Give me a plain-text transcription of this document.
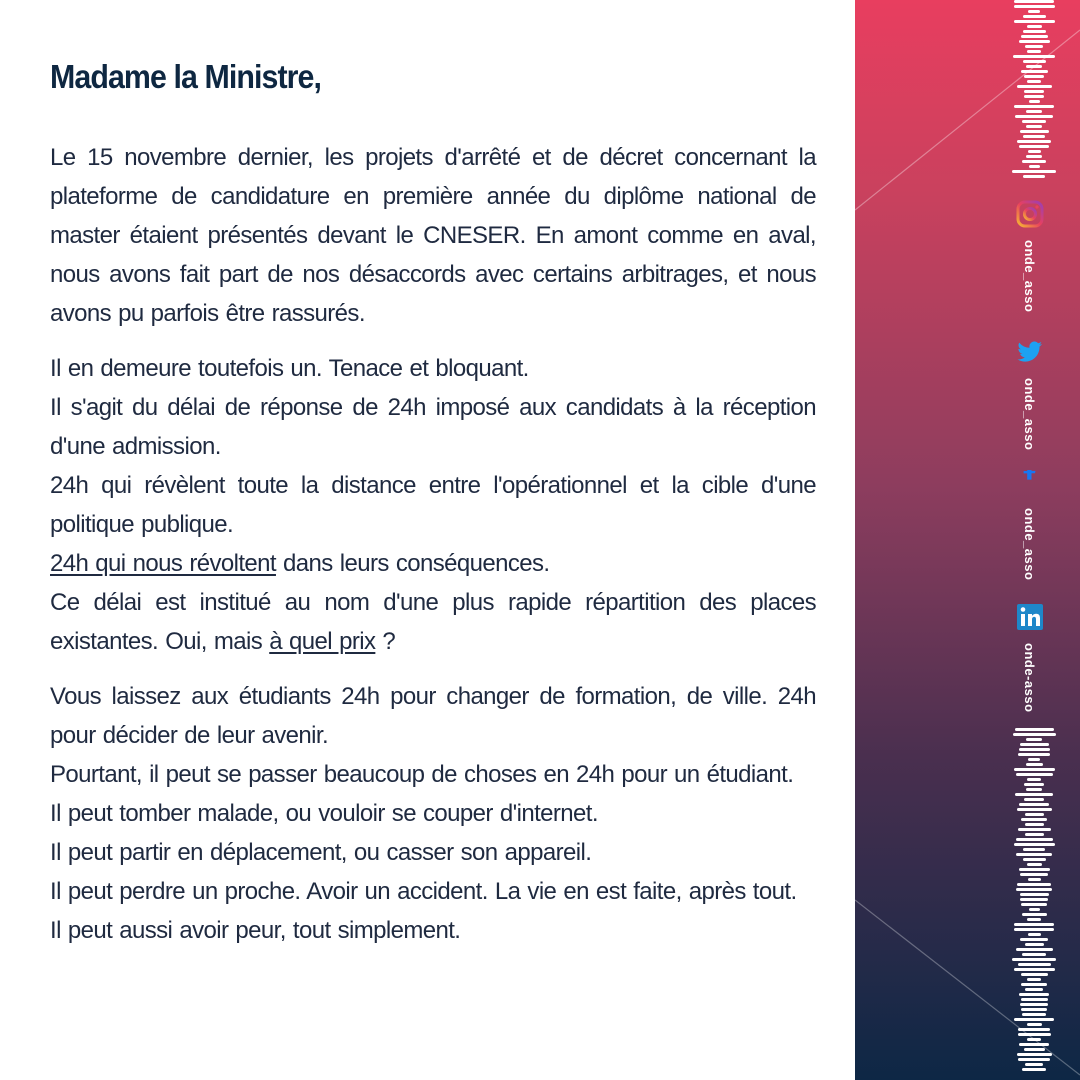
Madame la Ministre,

Le 15 novembre dernier, les projets d'arrêté et de décret concernant la plateforme de candidature en première année du diplôme national de master étaient présentés devant le CNESER. En amont comme en aval, nous avons fait part de nos désaccords avec certains arbitrages, et nous avons pu parfois être rassurés.

Il en demeure toutefois un. Tenace et bloquant.
Il s'agit du délai de réponse de 24h imposé aux candidats à la réception d'une admission.
24h qui révèlent toute la distance entre l'opérationnel et la cible d'une politique publique.
24h qui nous révoltent dans leurs conséquences.
Ce délai est institué au nom d'une plus rapide répartition des places existantes. Oui, mais à quel prix ?

Vous laissez aux étudiants 24h pour changer de formation, de ville. 24h pour décider de leur avenir.
Pourtant, il peut se passer beaucoup de choses en 24h pour un étudiant.
Il peut tomber malade, ou vouloir se couper d'internet.
Il peut partir en déplacement, ou casser son appareil.
Il peut perdre un proche. Avoir un accident. La vie en est faite, après tout.
Il peut aussi avoir peur, tout simplement.

onde_asso
onde_asso
onde_asso
onde-asso
